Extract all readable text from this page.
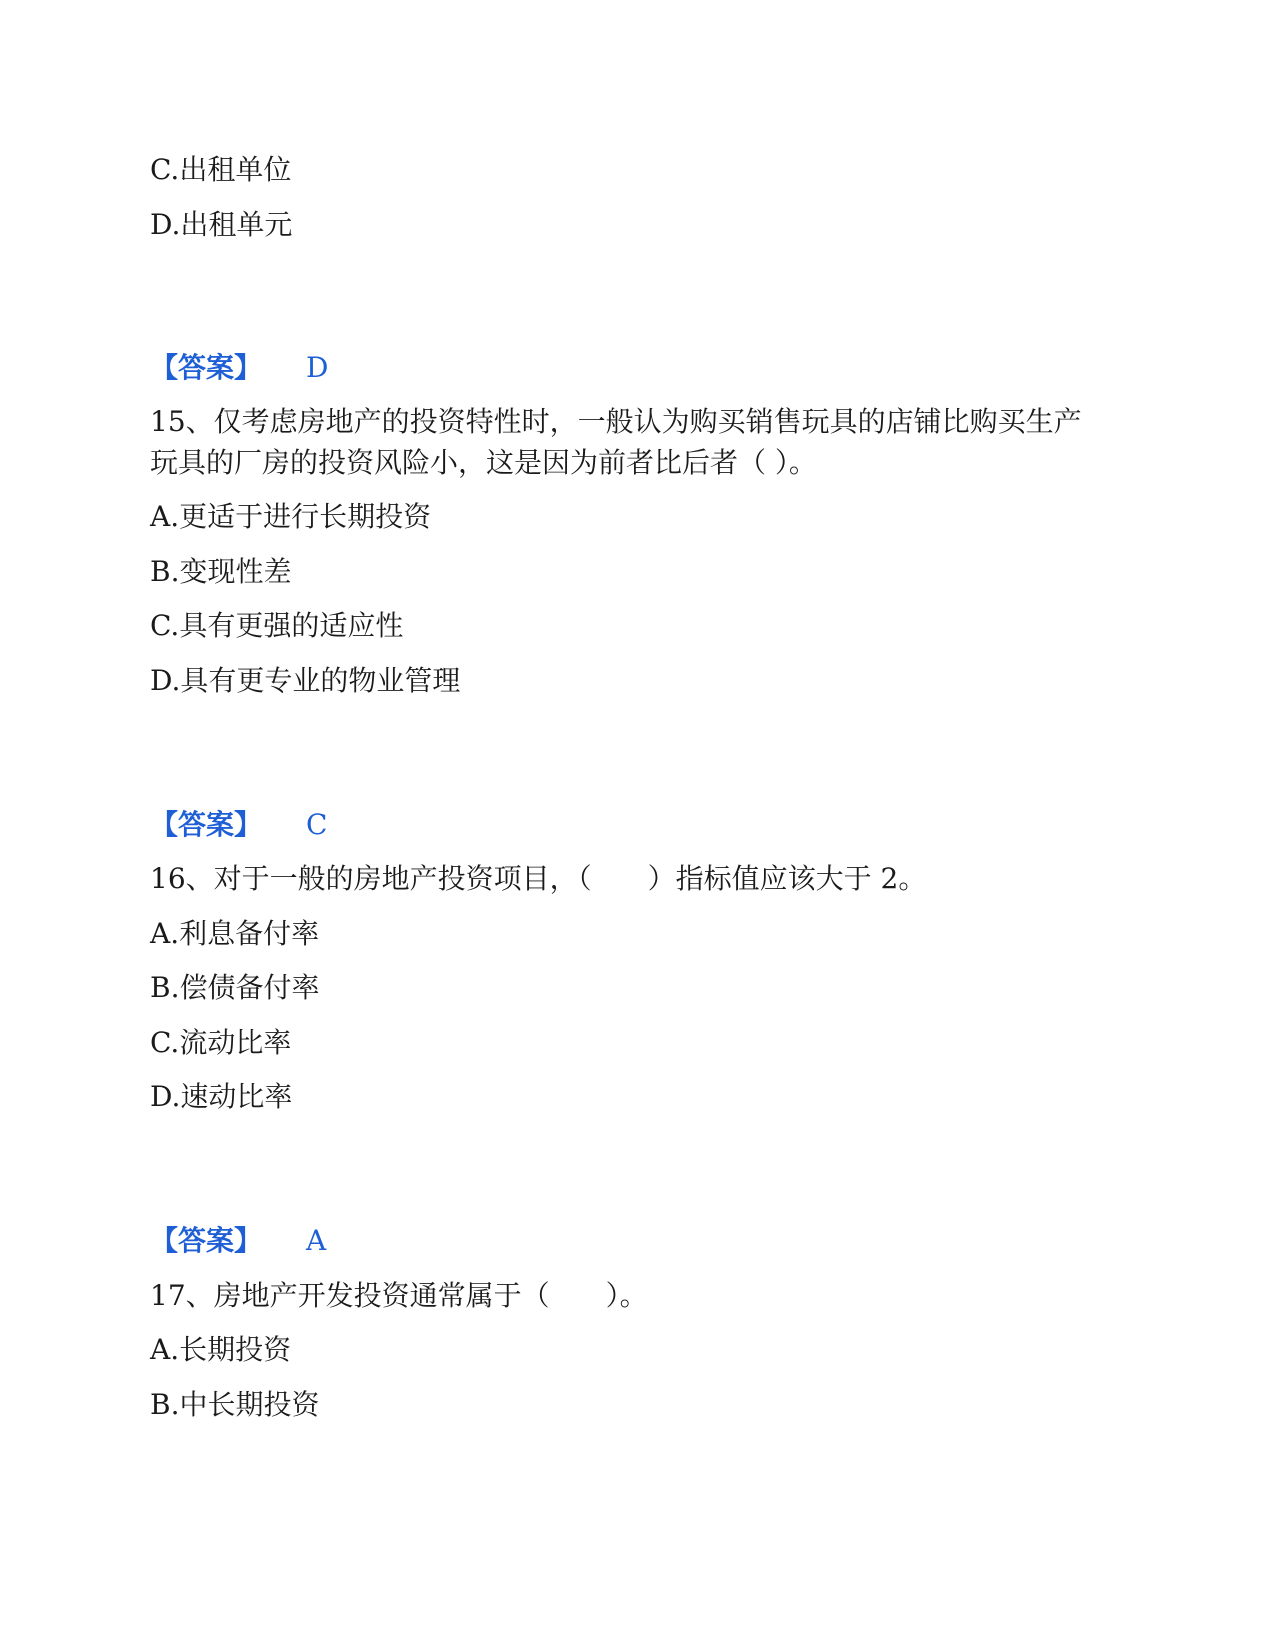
C.出租单位
D.出租单元
【答案】 D
15、仅考虑房地产的投资特性时，一般认为购买销售玩具的店铺比购买生产
玩具的厂房的投资风险小，这是因为前者比后者（ ）。
A.更适于进行长期投资
B.变现性差
C.具有更强的适应性
D.具有更专业的物业管理
【答案】 C
16、对于一般的房地产投资项目，（　　）指标值应该大于 2。
A.利息备付率
B.偿债备付率
C.流动比率
D.速动比率
【答案】 A
17、房地产开发投资通常属于（　　）。
A.长期投资
B.中长期投资
